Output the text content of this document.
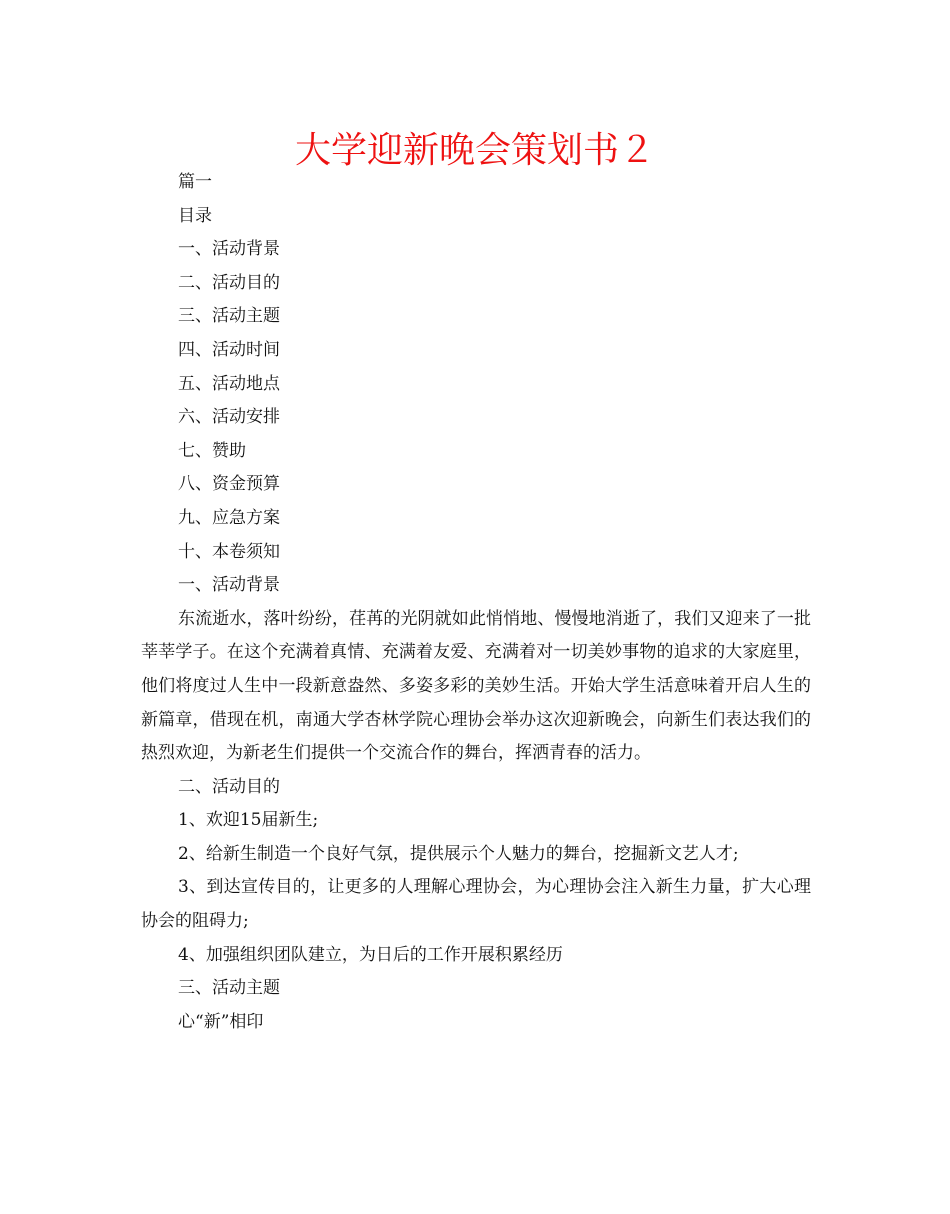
大学迎新晚会策划书２

篇一

目录

一、活动背景

二、活动目的

三、活动主题

四、活动时间

五、活动地点

六、活动安排

七、赞助

八、资金预算

九、应急方案

十、本卷须知

一、活动背景

东流逝水，落叶纷纷，荏苒的光阴就如此悄悄地、慢慢地消逝了，我们又迎来了一批莘莘学子。在这个充满着真情、充满着友爱、充满着对一切美妙事物的追求的大家庭里，他们将度过人生中一段新意盎然、多姿多彩的美妙生活。开始大学生活意味着开启人生的新篇章，借现在机，南通大学杏林学院心理协会举办这次迎新晚会，向新生们表达我们的热烈欢迎，为新老生们提供一个交流合作的舞台，挥洒青春的活力。

二、活动目的

1、欢迎15届新生;

2、给新生制造一个良好气氛，提供展示个人魅力的舞台，挖掘新文艺人才;

3、到达宣传目的，让更多的人理解心理协会，为心理协会注入新生力量，扩大心理协会的阻碍力;

4、加强组织团队建立，为日后的工作开展积累经历

三、活动主题

心“新”相印
